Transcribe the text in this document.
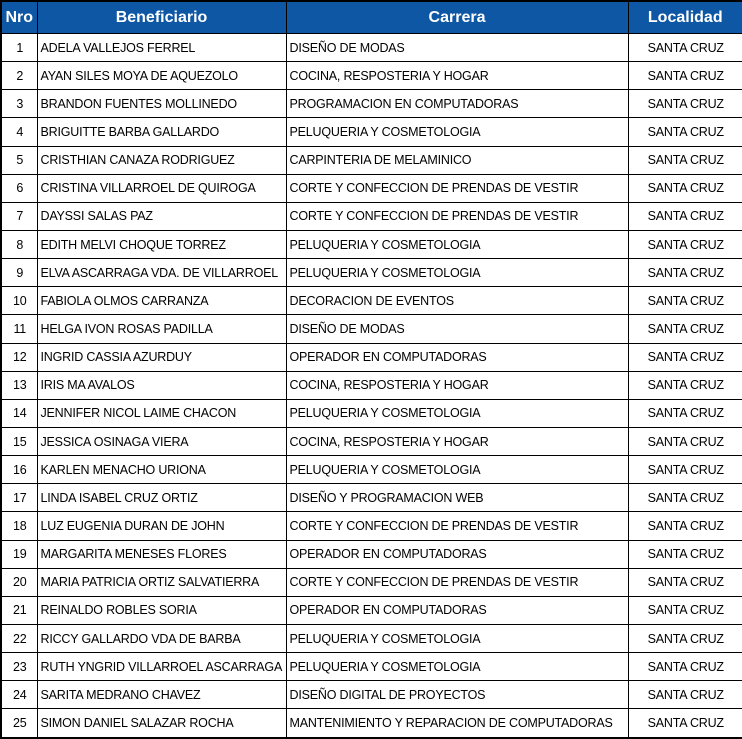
Nro	Beneficiario	Carrera	Localidad
1	ADELA VALLEJOS FERREL	DISEÑO DE MODAS	SANTA CRUZ
2	AYAN SILES MOYA DE AQUEZOLO	COCINA, RESPOSTERIA Y HOGAR	SANTA CRUZ
3	BRANDON FUENTES MOLLINEDO	PROGRAMACION EN COMPUTADORAS	SANTA CRUZ
4	BRIGUITTE BARBA GALLARDO	PELUQUERIA Y COSMETOLOGIA	SANTA CRUZ
5	CRISTHIAN CANAZA RODRIGUEZ	CARPINTERIA DE MELAMINICO	SANTA CRUZ
6	CRISTINA VILLARROEL DE QUIROGA	CORTE Y CONFECCION DE PRENDAS DE VESTIR	SANTA CRUZ
7	DAYSSI SALAS PAZ	CORTE Y CONFECCION DE PRENDAS DE VESTIR	SANTA CRUZ
8	EDITH MELVI CHOQUE TORREZ	PELUQUERIA Y COSMETOLOGIA	SANTA CRUZ
9	ELVA ASCARRAGA VDA. DE VILLARROEL	PELUQUERIA Y COSMETOLOGIA	SANTA CRUZ
10	FABIOLA OLMOS CARRANZA	DECORACION DE EVENTOS	SANTA CRUZ
11	HELGA IVON ROSAS PADILLA	DISEÑO DE MODAS	SANTA CRUZ
12	INGRID CASSIA AZURDUY	OPERADOR EN COMPUTADORAS	SANTA CRUZ
13	IRIS MA AVALOS	COCINA, RESPOSTERIA Y HOGAR	SANTA CRUZ
14	JENNIFER NICOL LAIME CHACON	PELUQUERIA Y COSMETOLOGIA	SANTA CRUZ
15	JESSICA OSINAGA VIERA	COCINA, RESPOSTERIA Y HOGAR	SANTA CRUZ
16	KARLEN MENACHO URIONA	PELUQUERIA Y COSMETOLOGIA	SANTA CRUZ
17	LINDA ISABEL CRUZ ORTIZ	DISEÑO Y PROGRAMACION WEB	SANTA CRUZ
18	LUZ EUGENIA DURAN DE JOHN	CORTE Y CONFECCION DE PRENDAS DE VESTIR	SANTA CRUZ
19	MARGARITA MENESES FLORES	OPERADOR EN COMPUTADORAS	SANTA CRUZ
20	MARIA PATRICIA ORTIZ SALVATIERRA	CORTE Y CONFECCION DE PRENDAS DE VESTIR	SANTA CRUZ
21	REINALDO ROBLES SORIA	OPERADOR EN COMPUTADORAS	SANTA CRUZ
22	RICCY GALLARDO VDA DE BARBA	PELUQUERIA Y COSMETOLOGIA	SANTA CRUZ
23	RUTH YNGRID VILLARROEL ASCARRAGA	PELUQUERIA Y COSMETOLOGIA	SANTA CRUZ
24	SARITA MEDRANO CHAVEZ	DISEÑO DIGITAL DE PROYECTOS	SANTA CRUZ
25	SIMON DANIEL SALAZAR ROCHA	MANTENIMIENTO Y REPARACION DE COMPUTADORAS	SANTA CRUZ
